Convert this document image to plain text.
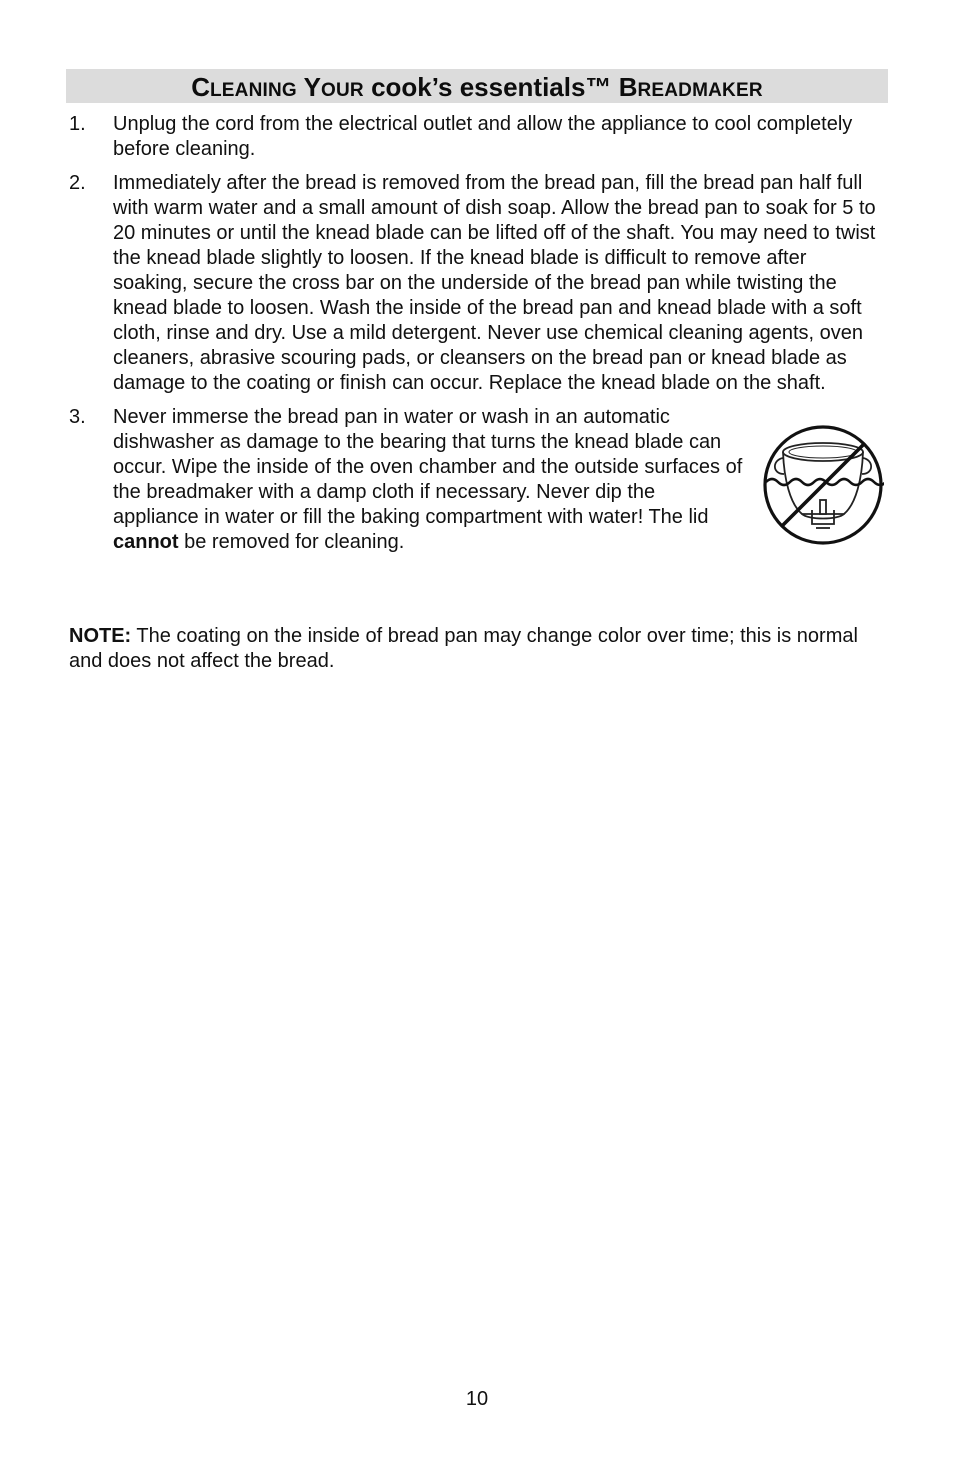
CLEANING YOUR cook’s essentials™ BREADMAKER
1. Unplug the cord from the electrical outlet and allow the appliance to cool completely before cleaning.
2. Immediately after the bread is removed from the bread pan, fill the bread pan half full with warm water and a small amount of dish soap. Allow the bread pan to soak for 5 to 20 minutes or until the knead blade can be lifted off of the shaft. You may need to twist the knead blade slightly to loosen. If the knead blade is difficult to remove after soaking, secure the cross bar on the underside of the bread pan while twisting the knead blade to loosen. Wash the inside of the bread pan and knead blade with a soft cloth, rinse and dry. Use a mild detergent. Never use chemical cleaning agents, oven cleaners, abrasive scouring pads, or cleansers on the bread pan or knead blade as damage to the coating or finish can occur. Replace the knead blade on the shaft.
3. Never immerse the bread pan in water or wash in an automatic dishwasher as damage to the bearing that turns the knead blade can occur. Wipe the inside of the oven chamber and the outside surfaces of the breadmaker with a damp cloth if necessary. Never dip the appliance in water or fill the baking compartment with water! The lid cannot be removed for cleaning.
NOTE: The coating on the inside of bread pan may change color over time; this is normal and does not affect the bread.
10
